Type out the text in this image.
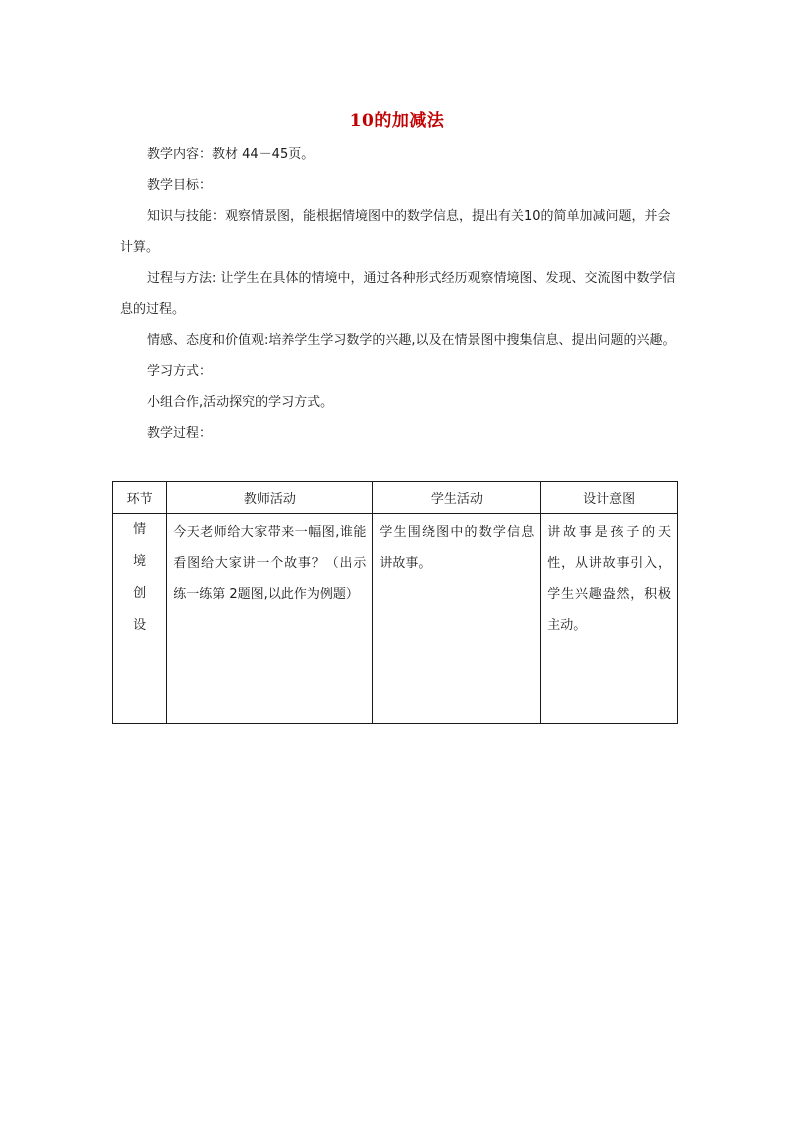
10的加减法

教学内容：教材 44－45页。

教学目标：

知识与技能：观察情景图，能根据情境图中的数学信息，提出有关10的简单加减问题，并会计算。

过程与方法: 让学生在具体的情境中，通过各种形式经历观察情境图、发现、交流图中数学信息的过程。

情感、态度和价值观:培养学生学习数学的兴趣,以及在情景图中搜集信息、提出问题的兴趣。

学习方式：

小组合作,活动探究的学习方式。

教学过程：

环节	教师活动	学生活动	设计意图
情境创设	今天老师给大家带来一幅图,谁能看图给大家讲一个故事？（出示练一练第 2题图,以此作为例题）	学生围绕图中的数学信息讲故事。	讲故事是孩子的天性，从讲故事引入，学生兴趣盎然，积极主动。
